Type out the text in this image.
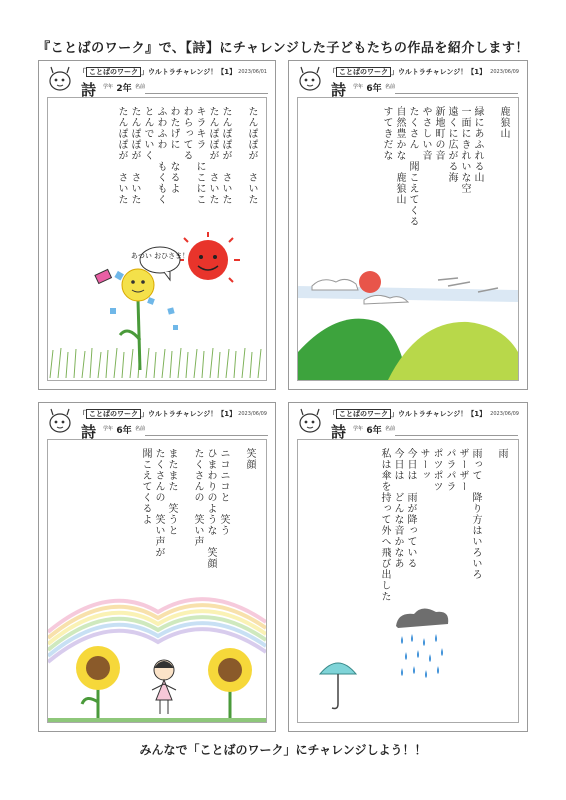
『ことばのワーク』で、【詩】にチャレンジした子どもたちの作品を紹介します！
「 ことばのワーク 」ウルトラチャレンジ！【1】 2023/06/01
詩 学年 2年 名前
たんぽぽが　さいた

たんぽぽが　さいた
たんぽぽが　さいた
キラキラ　にこにこ
わらってる
わたげに　なるよ
ふわふわ　もくもく
とんでいく
たんぽぽが　さいた
たんぽぽが　さいた
あつい おひさま！
「 ことばのワーク 」ウルトラチャレンジ！【1】 2023/06/09
詩 学年 6年 名前
鹿狼山

緑にあふれる山
一面にきれいな空
遠くに広がる海
新地町の音
やさしい音
たくさん　聞こえてくる
自然豊かな　鹿狼山
すてきだな
「 ことばのワーク 」ウルトラチャレンジ！【1】 2023/06/09
詩 学年 6年 名前
笑顔

ニコニコと　笑う
ひまわりのような　笑顔
たくさんの　笑い声

またまた　笑うと
たくさんの　笑い声が
聞こえてくるよ
「 ことばのワーク 」ウルトラチャレンジ！【1】 2023/06/09
詩 学年 6年 名前
雨

雨って　降り方はいろいろ
ザーザー
パラパラ
ポツポツ
サーッ
今日は　雨が降っている
今日は　どんな音かなあ
私は傘を持って外へ飛び出した
みんなで「ことばのワーク」にチャレンジしよう！！
